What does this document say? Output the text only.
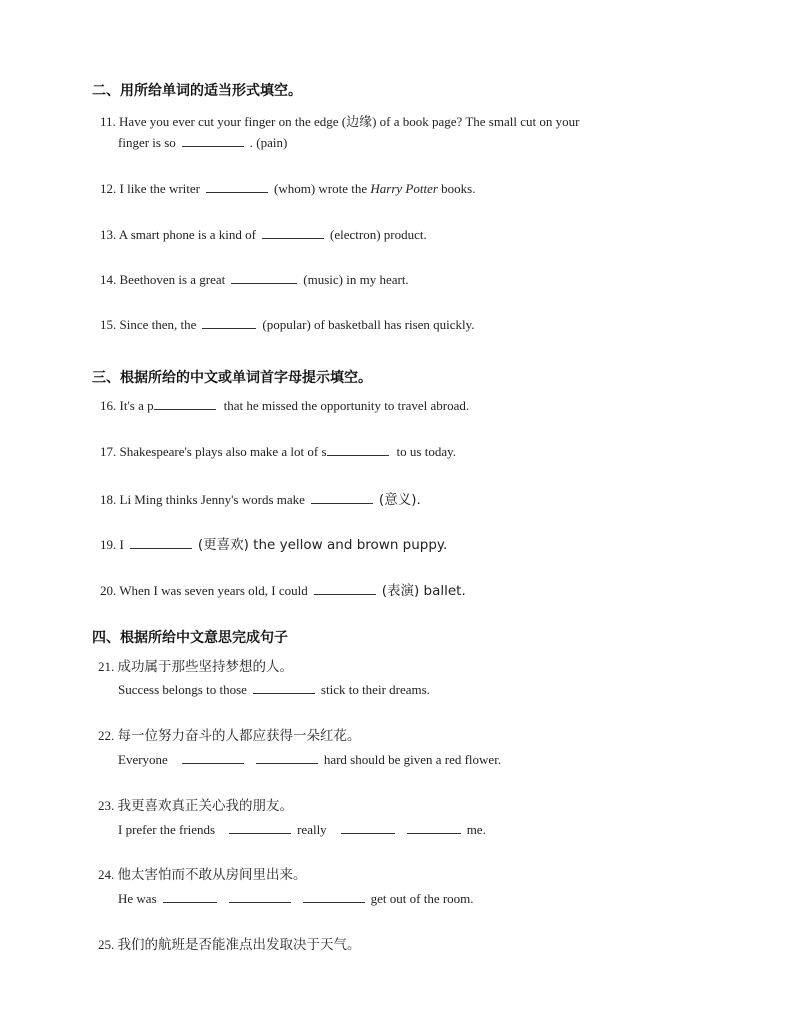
二、用所给单词的适当形式填空。
11. Have you ever cut your finger on the edge (边缘) of a book page? The small cut on your
finger is so	. (pain)
12. I like the writer	(whom) wrote the Harry Potter books.
13. A smart phone is a kind of	(electron) product.
14. Beethoven is a great	(music) in my heart.
15. Since then, the	(popular) of basketball has risen quickly.
三、根据所给的中文或单词首字母提示填空。
16. It's a p	that he missed the opportunity to travel abroad.
17. Shakespeare's plays also make a lot of s	to us today.
18. Li Ming thinks Jenny's words make	(意义).
19. I	(更喜欢) the yellow and brown puppy.
20. When I was seven years old, I could	(表演) ballet.
四、根据所给中文意思完成句子
21. 成功属于那些坚持梦想的人。
Success belongs to those	stick to their dreams.
22. 每一位努力奋斗的人都应获得一朵红花。
Everyone	hard should be given a red flower.
23. 我更喜欢真正关心我的朋友。
I prefer the friends	really	me.
24. 他太害怕而不敢从房间里出来。
He was	get out of the room.
25. 我们的航班是否能准点出发取决于天气。
